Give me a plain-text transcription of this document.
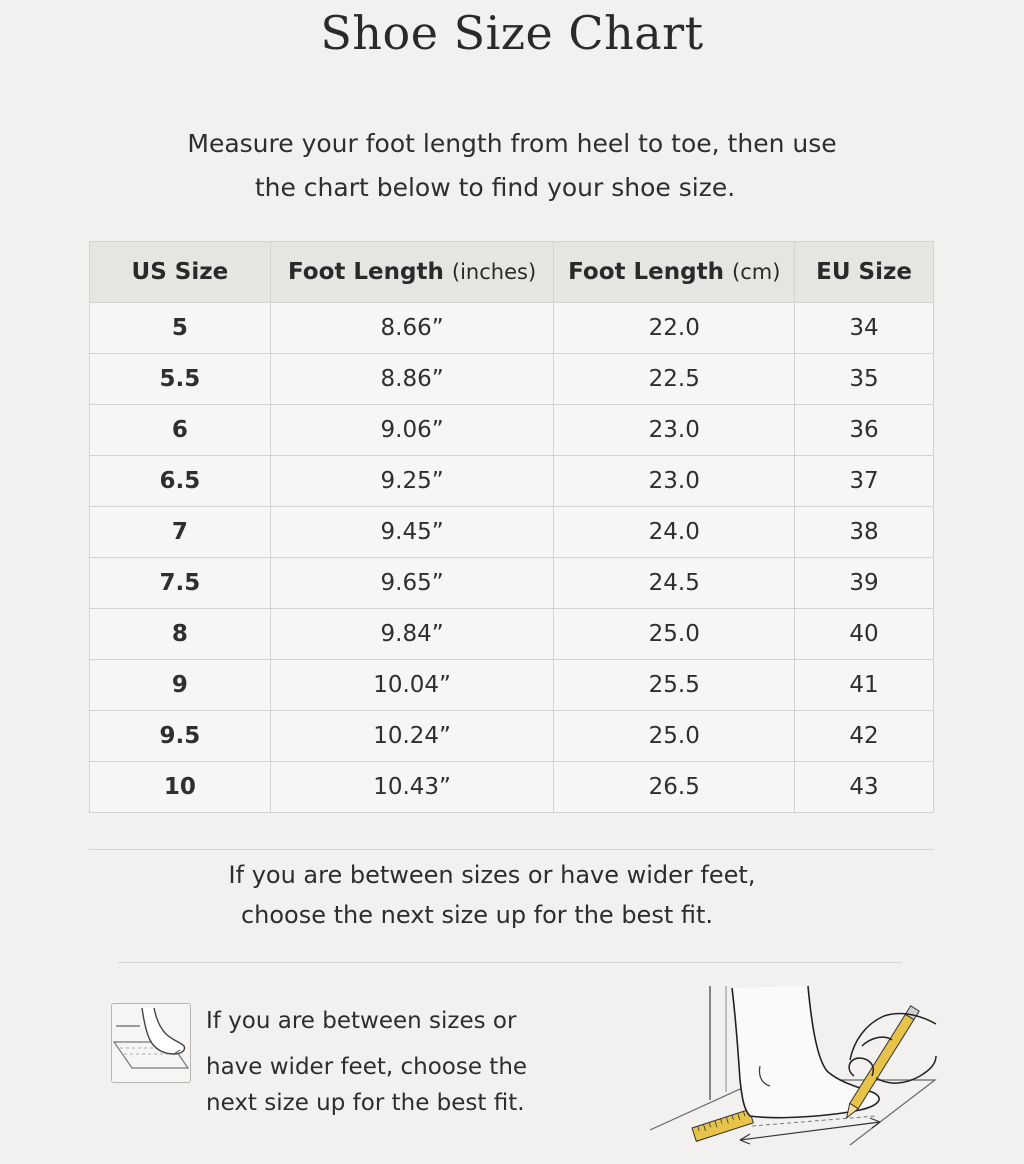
Shoe Size Chart
Measure your foot length from heel to toe, then use
the chart below to find your shoe size.
US Size	Foot Length (inches)	Foot Length (cm)	EU Size
5	8.66”	22.0	34
5.5	8.86”	22.5	35
6	9.06”	23.0	36
6.5	9.25”	23.0	37
7	9.45”	24.0	38
7.5	9.65”	24.5	39
8	9.84”	25.0	40
9	10.04”	25.5	41
9.5	10.24”	25.0	42
10	10.43”	26.5	43
If you are between sizes or have wider feet,
choose the next size up for the best fit.
If you are between sizes or
have wider feet, choose the
next size up for the best fit.
